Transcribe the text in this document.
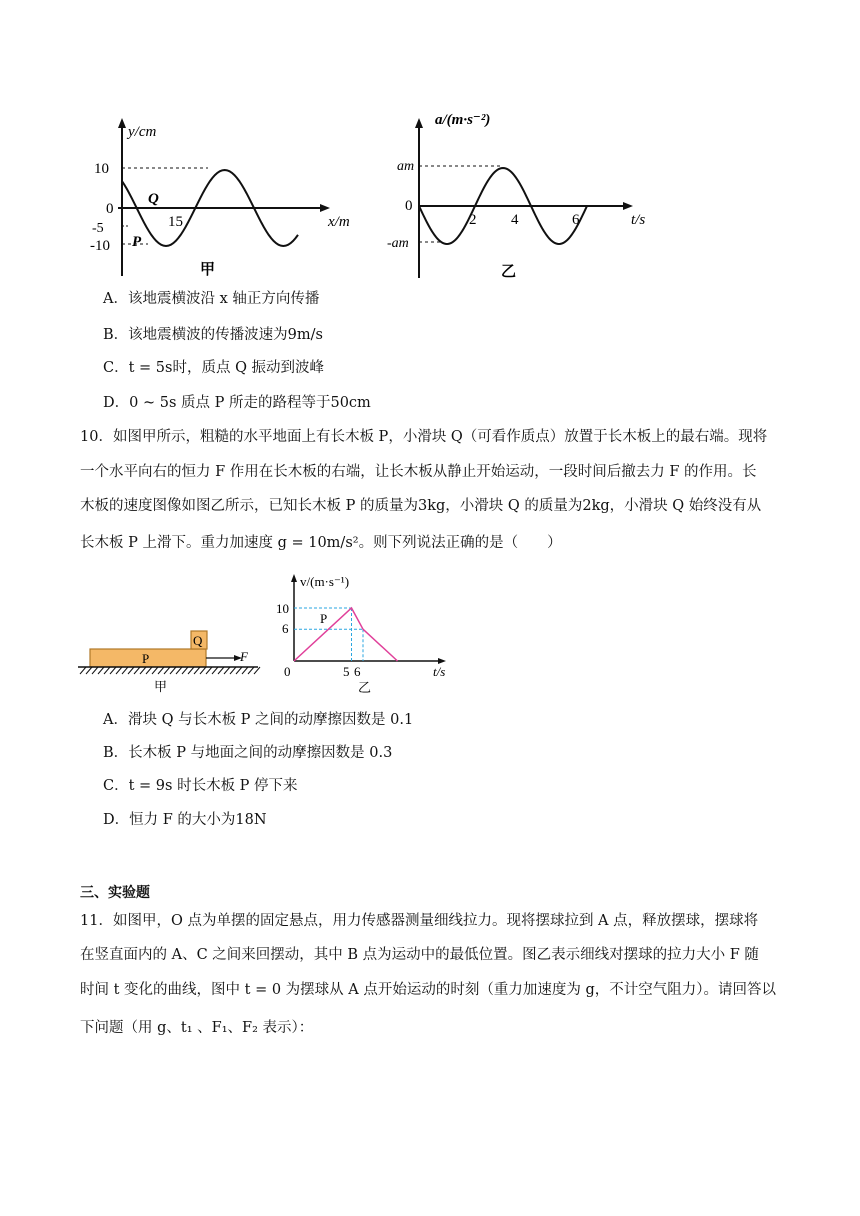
y/cm
x/m
10
0
-5
-10
15
P
Q
甲
a/(m·s⁻²)
t/s
am
0
-am
2 4	6
乙
A．该地震横波沿 x 轴正方向传播
B．该地震横波的传播波速为9m/s
C．t = 5s时，质点 Q 振动到波峰
D．0 ~ 5s 质点 P 所走的路程等于50cm
10．如图甲所示，粗糙的水平地面上有长木板 P，小滑块 Q（可看作质点）放置于长木板上的最右端。现将
一个水平向右的恒力 F 作用在长木板的右端，让长木板从静止开始运动，一段时间后撤去力 F 的作用。长
木板的速度图像如图乙所示，已知长木板 P 的质量为3kg，小滑块 Q 的质量为2kg，小滑块 Q 始终没有从
长木板 P 上滑下。重力加速度 g = 10m/s²。则下列说法正确的是（　　）
P
Q
F
甲
v/(m·s⁻¹)
t/s
10
6
0	5 6
P
乙
A．滑块 Q 与长木板 P 之间的动摩擦因数是 0.1
B．长木板 P 与地面之间的动摩擦因数是 0.3
C．t = 9s 时长木板 P 停下来
D．恒力 F 的大小为18N
三、实验题
11．如图甲，O 点为单摆的固定悬点，用力传感器测量细线拉力。现将摆球拉到 A 点，释放摆球，摆球将
在竖直面内的 A、C 之间来回摆动，其中 B 点为运动中的最低位置。图乙表示细线对摆球的拉力大小 F 随
时间 t 变化的曲线，图中 t = 0 为摆球从 A 点开始运动的时刻（重力加速度为 g，不计空气阻力）。请回答以
下问题（用 g、t₁ 、F₁、F₂ 表示）：
